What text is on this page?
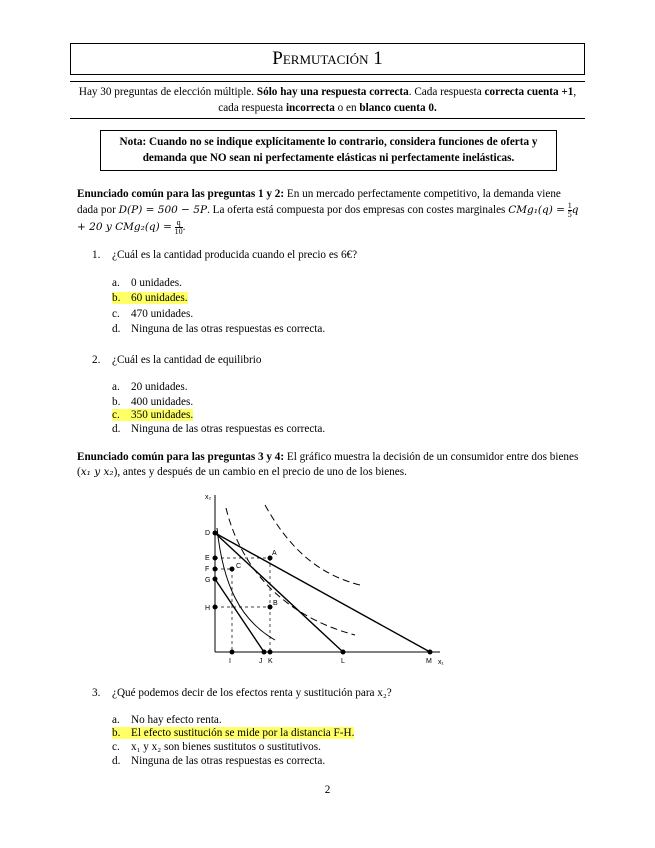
Permutación 1
Hay 30 preguntas de elección múltiple. Sólo hay una respuesta correcta. Cada respuesta correcta cuenta +1, cada respuesta incorrecta o en blanco cuenta 0.
Nota: Cuando no se indique explícitamente lo contrario, considera funciones de oferta y demanda que NO sean ni perfectamente elásticas ni perfectamente inelásticas.
Enunciado común para las preguntas 1 y 2: En un mercado perfectamente competitivo, la demanda viene dada por D(P) = 500 − 5P. La oferta está compuesta por dos empresas con costes marginales $CMg_1(q) = \frac{1}{5}$ q + 20 y $CMg_2(q) = \frac{q}{10}$ .
1. ¿Cuál es la cantidad producida cuando el precio es 6€?
a. 0 unidades.
b. 60 unidades.
c. 470 unidades.
d. Ninguna de las otras respuestas es correcta.
2. ¿Cuál es la cantidad de equilibrio
a. 20 unidades.
b. 400 unidades.
c. 350 unidades.
d. Ninguna de las otras respuestas es correcta.
Enunciado común para las preguntas 3 y 4: El gráfico muestra la decisión de un consumidor entre dos bienes (x₁ y x₂), antes y después de un cambio en el precio de uno de los bienes.
x₂
x₁
D
E
F
G
H
I	J K	L	M
A
B
C
3. ¿Qué podemos decir de los efectos renta y sustitución para x₂?
a. No hay efecto renta.
b. El efecto sustitución se mide por la distancia F-H.
c. x₁ y x₂ son bienes sustitutos o sustitutivos.
d. Ninguna de las otras respuestas es correcta.
2
